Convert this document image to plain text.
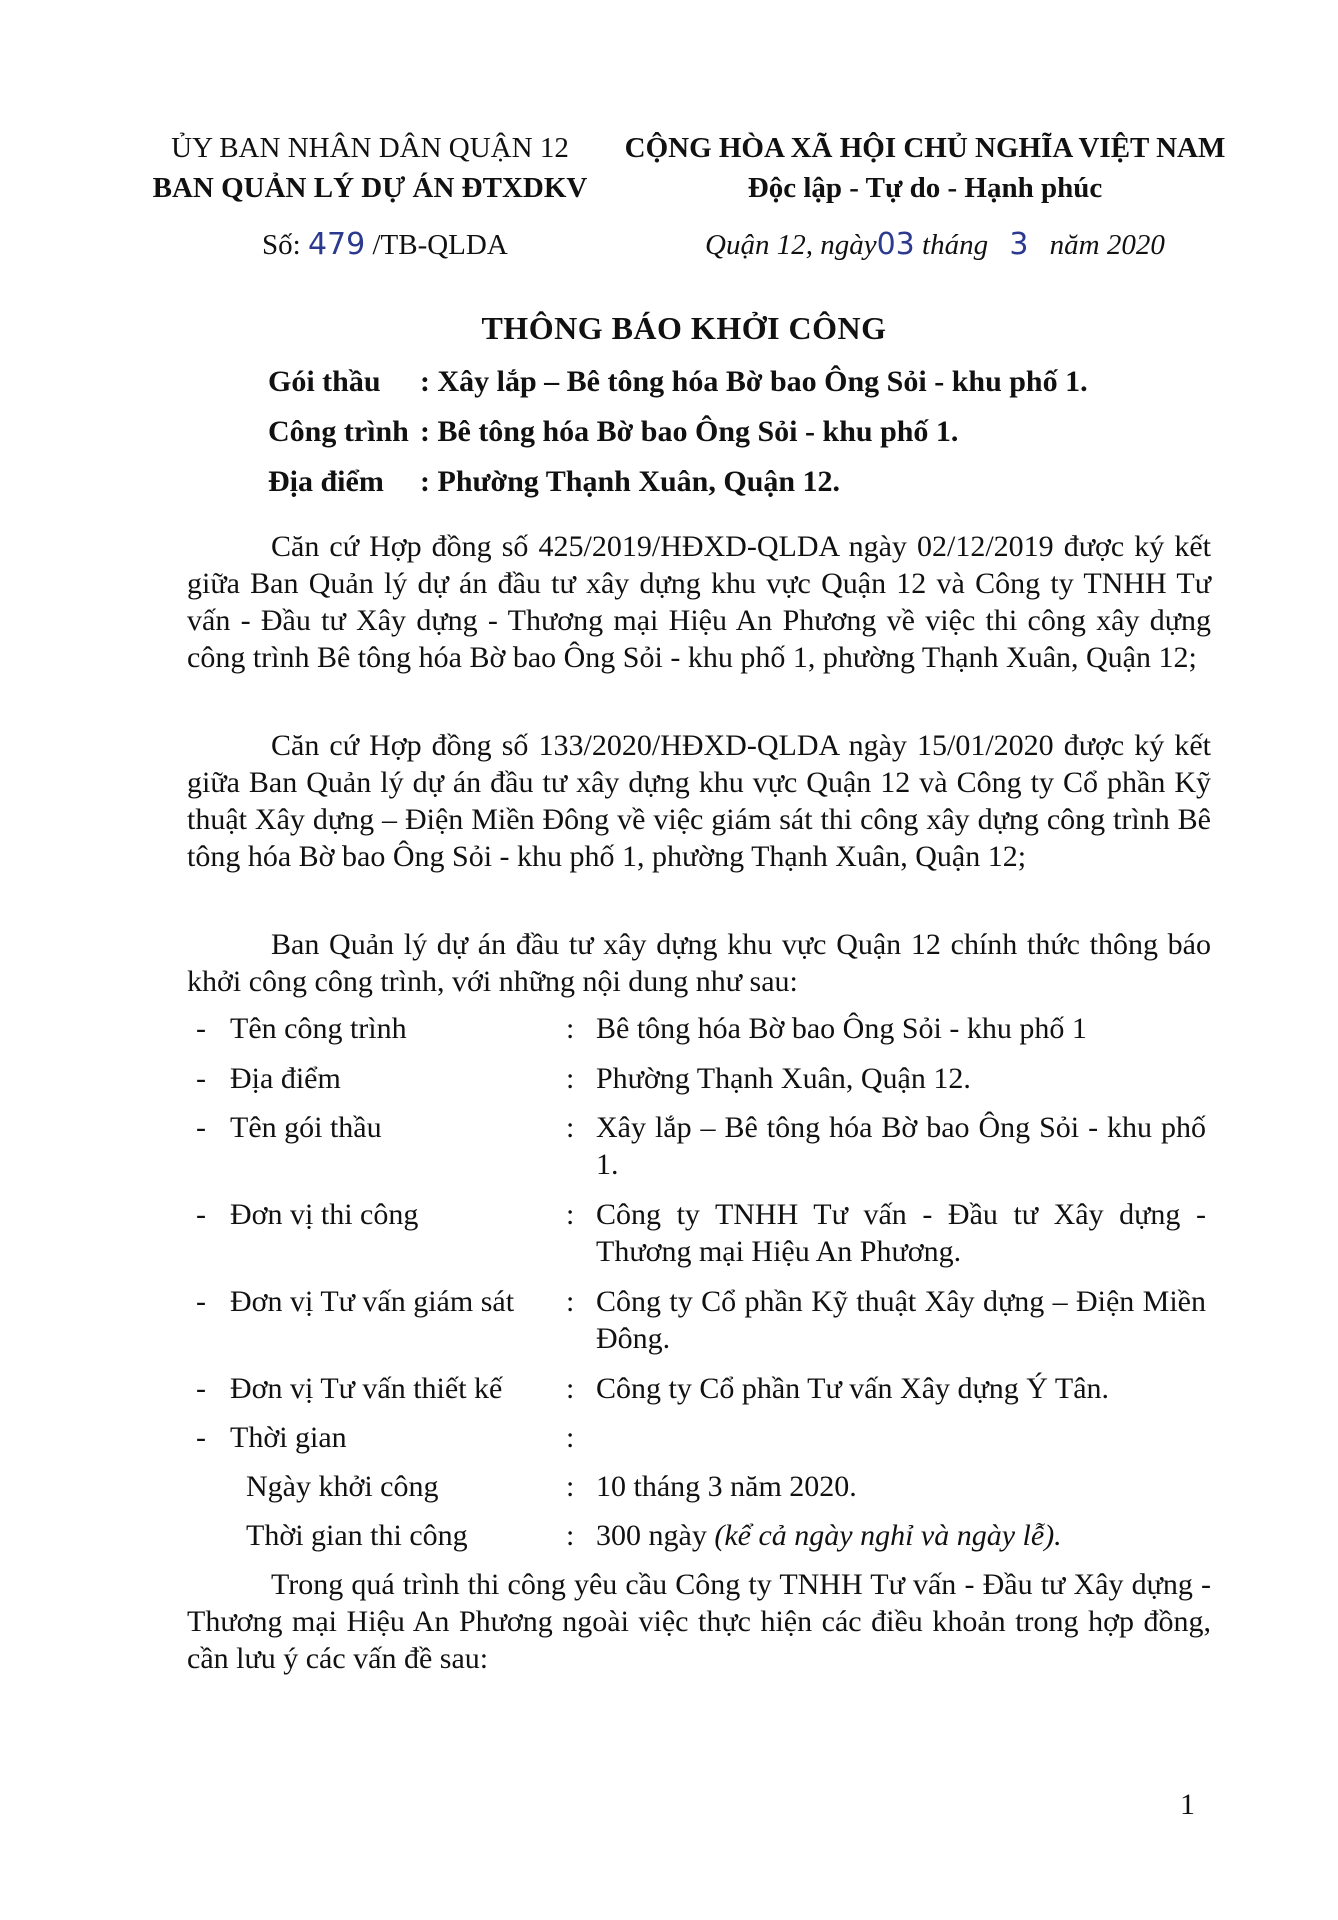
ỦY BAN NHÂN DÂN QUẬN 12
BAN QUẢN LÝ DỰ ÁN ĐTXDKV
CỘNG HÒA XÃ HỘI CHỦ NGHĨA VIỆT NAM
Độc lập - Tự do - Hạnh phúc
Số: 479 /TB-QLDA	Quận 12, ngày03 tháng 3 năm 2020
THÔNG BÁO KHỞI CÔNG
Gói thầu : Xây lắp – Bê tông hóa Bờ bao Ông Sỏi - khu phố 1.
Công trình : Bê tông hóa Bờ bao Ông Sỏi - khu phố 1.
Địa điểm : Phường Thạnh Xuân, Quận 12.
Căn cứ Hợp đồng số 425/2019/HĐXD-QLDA ngày 02/12/2019 được ký kết giữa Ban Quản lý dự án đầu tư xây dựng khu vực Quận 12 và Công ty TNHH Tư vấn - Đầu tư Xây dựng - Thương mại Hiệu An Phương về việc thi công xây dựng công trình Bê tông hóa Bờ bao Ông Sỏi - khu phố 1, phường Thạnh Xuân, Quận 12;
Căn cứ Hợp đồng số 133/2020/HĐXD-QLDA ngày 15/01/2020 được ký kết giữa Ban Quản lý dự án đầu tư xây dựng khu vực Quận 12 và Công ty Cổ phần Kỹ thuật Xây dựng – Điện Miền Đông về việc giám sát thi công xây dựng công trình Bê tông hóa Bờ bao Ông Sỏi - khu phố 1, phường Thạnh Xuân, Quận 12;
Ban Quản lý dự án đầu tư xây dựng khu vực Quận 12 chính thức thông báo khởi công công trình, với những nội dung như sau:
- Tên công trình	: Bê tông hóa Bờ bao Ông Sỏi - khu phố 1
- Địa điểm	: Phường Thạnh Xuân, Quận 12.
- Tên gói thầu	: Xây lắp – Bê tông hóa Bờ bao Ông Sỏi - khu phố 1.
- Đơn vị thi công	: Công ty TNHH Tư vấn - Đầu tư Xây dựng - Thương mại Hiệu An Phương.
- Đơn vị Tư vấn giám sát : Công ty Cổ phần Kỹ thuật Xây dựng – Điện Miền Đông.
- Đơn vị Tư vấn thiết kế : Công ty Cổ phần Tư vấn Xây dựng Ý Tân.
- Thời gian	:
Ngày khởi công	: 10 tháng 3 năm 2020.
Thời gian thi công	: 300 ngày (kể cả ngày nghỉ và ngày lễ).
Trong quá trình thi công yêu cầu Công ty TNHH Tư vấn - Đầu tư Xây dựng - Thương mại Hiệu An Phương ngoài việc thực hiện các điều khoản trong hợp đồng, cần lưu ý các vấn đề sau:
1
